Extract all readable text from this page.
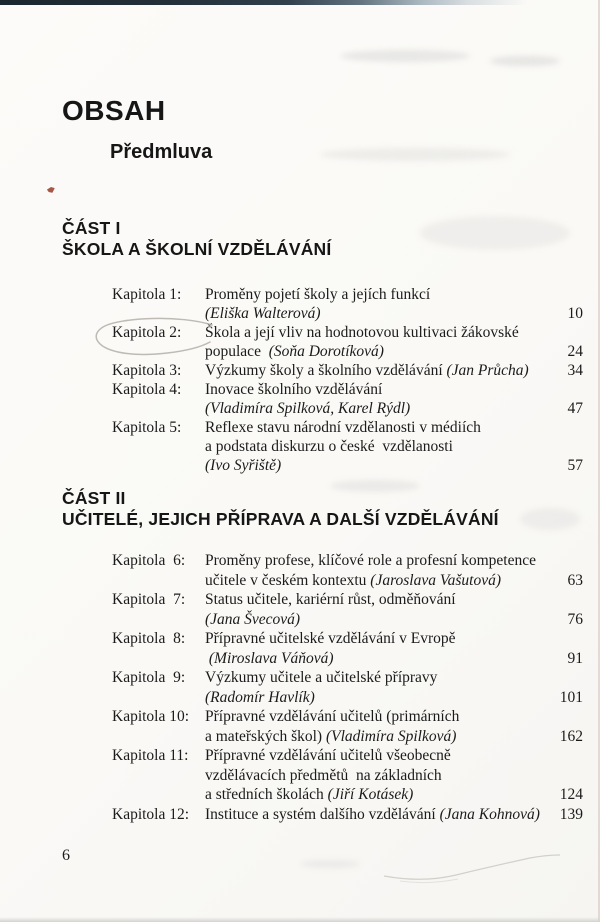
OBSAH
Předmluva
ČÁST I
ŠKOLA A ŠKOLNÍ VZDĚLÁVÁNÍ
Kapitola 1: Proměny pojetí školy a jejích funkcí
(Eliška Walterová)	10
Kapitola 2: Škola a její vliv na hodnotovou kultivaci žákovské
populace  (Soňa Dorotíková)	24
Kapitola 3: Výzkumy školy a školního vzdělávání (Jan Průcha)	34
Kapitola 4: Inovace školního vzdělávání
(Vladimíra Spilková, Karel Rýdl)	47
Kapitola 5: Reflexe stavu národní vzdělanosti v médiích
a podstata diskurzu o české  vzdělanosti
(Ivo Syřiště)	57
ČÁST II
UČITELÉ, JEJICH PŘÍPRAVA A DALŠÍ VZDĚLÁVÁNÍ
Kapitola  6: Proměny profese, klíčové role a profesní kompetence
učitele v českém kontextu (Jaroslava Vašutová)	63
Kapitola  7: Status učitele, kariérní růst, odměňování
(Jana Švecová)	76
Kapitola  8: Přípravné učitelské vzdělávání v Evropě
(Miroslava Váňová)	91
Kapitola  9: Výzkumy učitele a učitelské přípravy
(Radomír Havlík)	101
Kapitola 10: Přípravné vzdělávání učitelů (primárních
a mateřských škol) (Vladimíra Spilková)	162
Kapitola 11: Přípravné vzdělávání učitelů všeobecně
vzdělávacích předmětů  na základních
a středních školách (Jiří Kotásek)	124
Kapitola 12: Instituce a systém dalšího vzdělávání (Jana Kohnová)	139
6
